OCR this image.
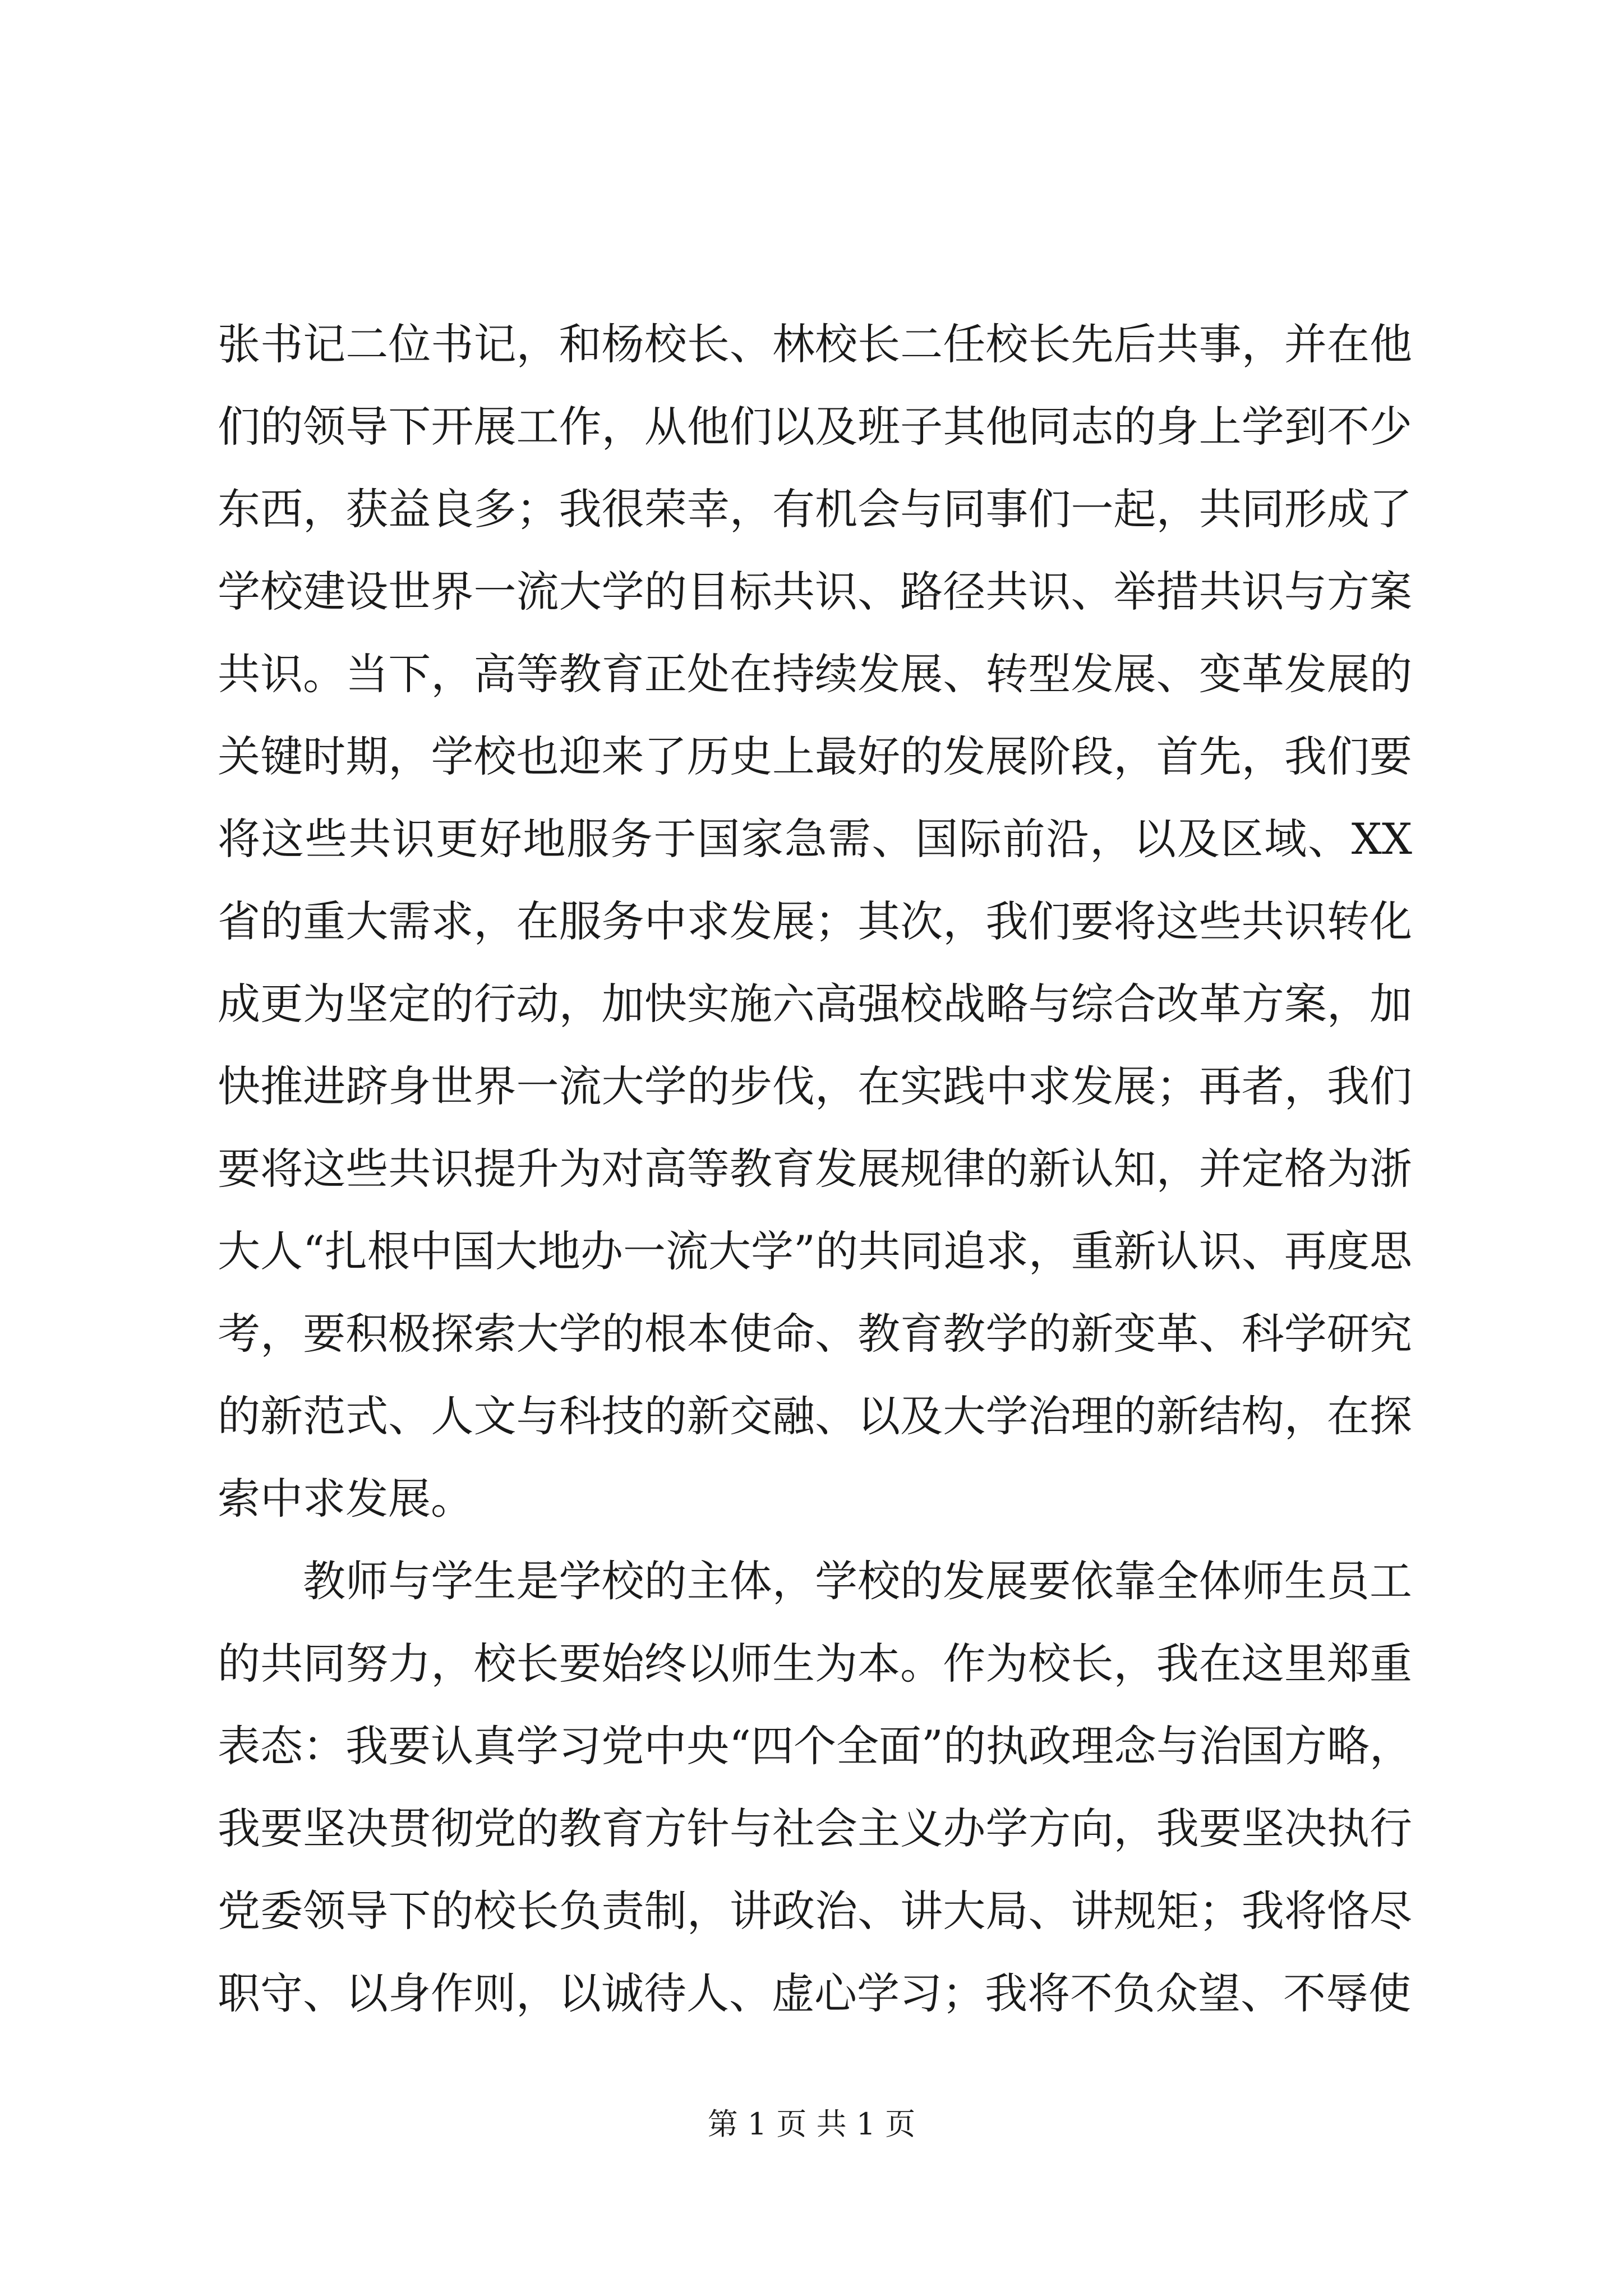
张书记二位书记，和杨校长、林校长二任校长先后共事，并在他们的领导下开展工作，从他们以及班子其他同志的身上学到不少东西，获益良多；我很荣幸，有机会与同事们一起，共同形成了学校建设世界一流大学的目标共识、路径共识、举措共识与方案共识。当下，高等教育正处在持续发展、转型发展、变革发展的关键时期，学校也迎来了历史上最好的发展阶段，首先，我们要将这些共识更好地服务于国家急需、国际前沿，以及区域、XX省的重大需求，在服务中求发展；其次，我们要将这些共识转化成更为坚定的行动，加快实施六高强校战略与综合改革方案，加快推进跻身世界一流大学的步伐，在实践中求发展；再者，我们要将这些共识提升为对高等教育发展规律的新认知，并定格为浙大人“扎根中国大地办一流大学”的共同追求，重新认识、再度思考，要积极探索大学的根本使命、教育教学的新变革、科学研究的新范式、人文与科技的新交融、以及大学治理的新结构，在探索中求发展。

教师与学生是学校的主体，学校的发展要依靠全体师生员工的共同努力，校长要始终以师生为本。作为校长，我在这里郑重表态：我要认真学习党中央“四个全面”的执政理念与治国方略，我要坚决贯彻党的教育方针与社会主义办学方向，我要坚决执行党委领导下的校长负责制，讲政治、讲大局、讲规矩；我将恪尽职守、以身作则，以诚待人、虚心学习；我将不负众望、不辱使

第 1 页 共 1 页
